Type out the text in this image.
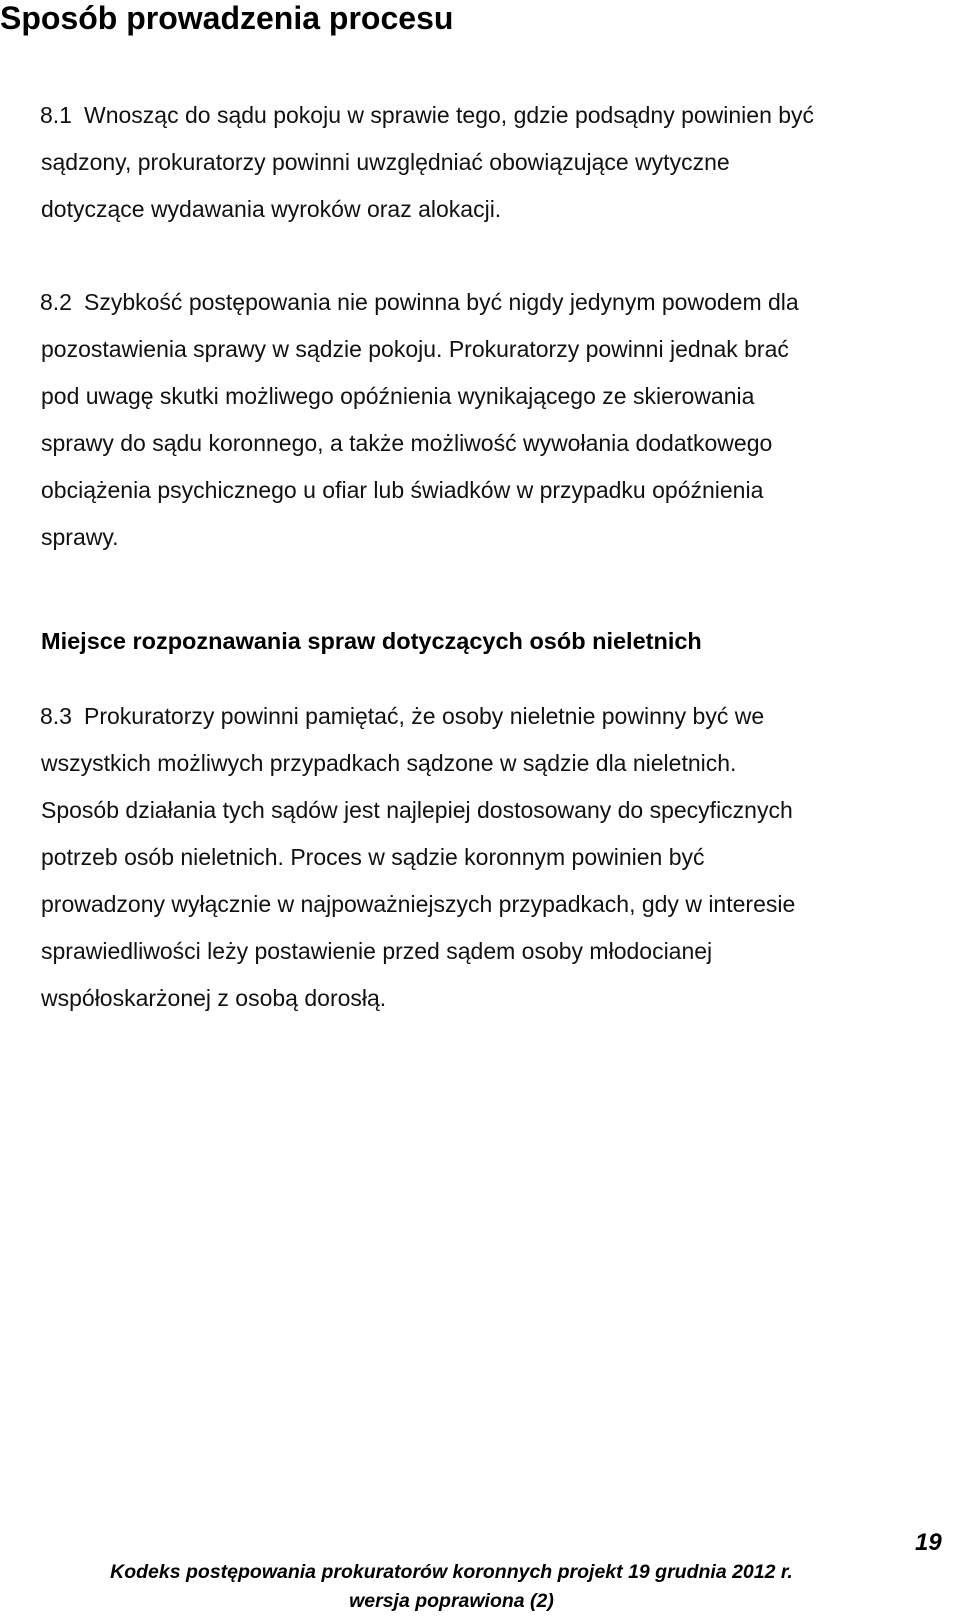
Sposób prowadzenia procesu
8.1 Wnosząc do sądu pokoju w sprawie tego, gdzie podsądny powinien być
sądzony, prokuratorzy powinni uwzględniać obowiązujące wytyczne
dotyczące wydawania wyroków oraz alokacji.
8.2 Szybkość postępowania nie powinna być nigdy jedynym powodem dla
pozostawienia sprawy w sądzie pokoju. Prokuratorzy powinni jednak brać
pod uwagę skutki możliwego opóźnienia wynikającego ze skierowania
sprawy do sądu koronnego, a także możliwość wywołania dodatkowego
obciążenia psychicznego u ofiar lub świadków w przypadku opóźnienia
sprawy.
Miejsce rozpoznawania spraw dotyczących osób nieletnich
8.3 Prokuratorzy powinni pamiętać, że osoby nieletnie powinny być we
wszystkich możliwych przypadkach sądzone w sądzie dla nieletnich.
Sposób działania tych sądów jest najlepiej dostosowany do specyficznych
potrzeb osób nieletnich. Proces w sądzie koronnym powinien być
prowadzony wyłącznie w najpoważniejszych przypadkach, gdy w interesie
sprawiedliwości leży postawienie przed sądem osoby młodocianej
współoskarżonej z osobą dorosłą.
19
Kodeks postępowania prokuratorów koronnych projekt 19 grudnia 2012 r.
wersja poprawiona (2)
